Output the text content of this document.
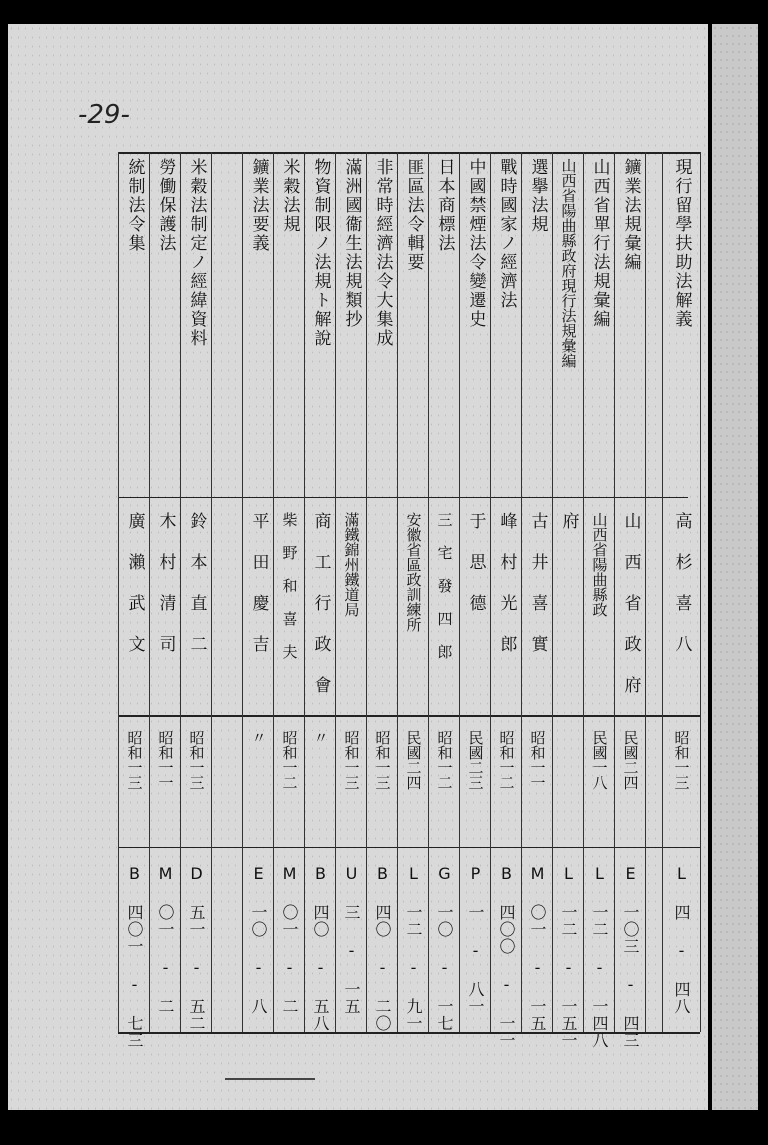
-29-
現行留學扶助法解義
高 杉 喜 八
昭和一三
L 四 ‐ 四八
鑛業法規彙編
山 西 省 政 府
民國二四
E 一〇三 ‐ 四三
山西省單行法規彙編
山西省陽曲縣政
民國一八
L 一二 ‐ 一四八
山西省陽曲縣政府現行法規彙編
府
L 一二 ‐ 一五一
選擧法規
古 井 喜 實
昭和一一
M 〇一 ‐ 一五
戰時國家ノ經濟法
峰 村 光 郎
昭和一二
B 四〇〇 ‐ 一一
中國禁煙法令變遷史
于 思 德
民國二三
P 一 ‐ 八一
日本商標法
三 宅 發 四 郎
昭和一二
G 一〇 ‐ 一七
匪區法令輯要
安徽省區政訓練所
民國二四
L 一二 ‐ 九一
非常時經濟法令大集成
昭和一三
B 四〇 ‐ 二〇
滿洲國衞生法規類抄
滿鐵錦州鐵道局
昭和一三
U 三 ‐ 一五
物資制限ノ法規ト解說
商 工 行 政 會
〃
B 四〇 ‐ 五八
米穀法規
柴 野 和 喜 夫
昭和一二
M 〇一 ‐ 二
鑛業法要義
平 田 慶 吉
〃
E 一〇 ‐ 八
米穀法制定ノ經緯資料
鈴 本 直 二
昭和一三
D 五一 ‐ 五二
勞働保護法
木 村 清 司
昭和一一
M 〇一 ‐ 二
統制法令集
廣 瀨 武 文
昭和一三
B 四〇一 ‐ 七三
